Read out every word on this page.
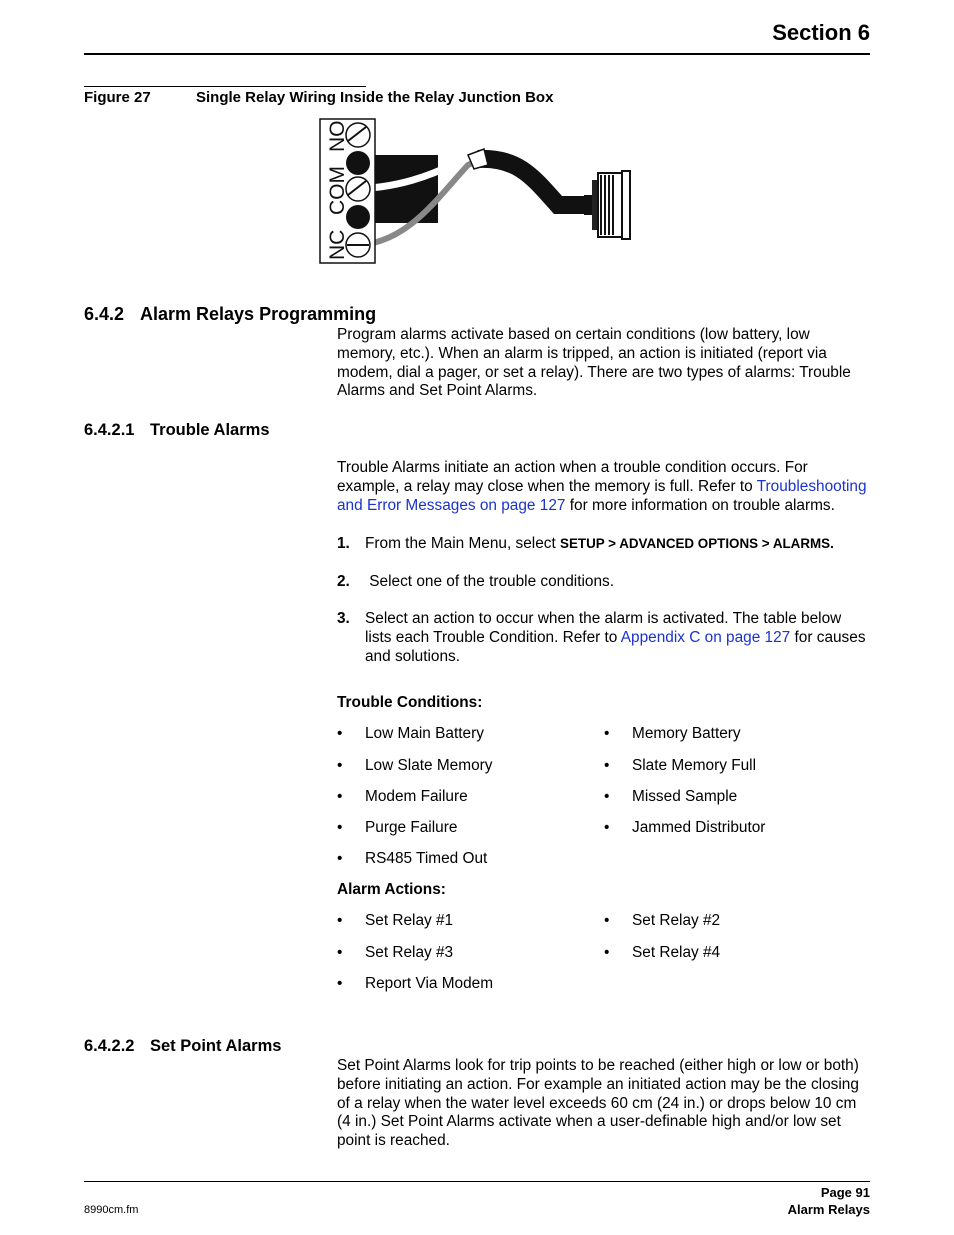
Section 6
Figure 27	Single Relay Wiring Inside the Relay Junction Box
NC
COM
NO
6.4.2 Alarm Relays Programming

Program alarms activate based on certain conditions (low battery, low memory, etc.). When an alarm is tripped, an action is initiated (report via modem, dial a pager, or set a relay). There are two types of alarms: Trouble Alarms and Set Point Alarms.

6.4.2.1 Trouble Alarms

Trouble Alarms initiate an action when a trouble condition occurs. For example, a relay may close when the memory is full. Refer to Troubleshooting and Error Messages on page 127 for more information on trouble alarms.

1. From the Main Menu, select SETUP > ADVANCED OPTIONS > ALARMS.
2. Select one of the trouble conditions.
3. Select an action to occur when the alarm is activated. The table below lists each Trouble Condition. Refer to Appendix C on page 127 for causes and solutions.
Trouble Conditions:
• Low Main Battery
• Low Slate Memory
• Modem Failure
• Purge Failure
• RS485 Timed Out
• Memory Battery
• Slate Memory Full
• Missed Sample
• Jammed Distributor
Alarm Actions:
• Set Relay #1
• Set Relay #3
• Report Via Modem
• Set Relay #2
• Set Relay #4
6.4.2.2 Set Point Alarms

Set Point Alarms look for trip points to be reached (either high or low or both) before initiating an action. For example an initiated action may be the closing of a relay when the water level exceeds 60 cm (24 in.) or drops below 10 cm (4 in.) Set Point Alarms activate when a user-definable high and/or low set point is reached.

Page 91
Alarm Relays
8990cm.fm
